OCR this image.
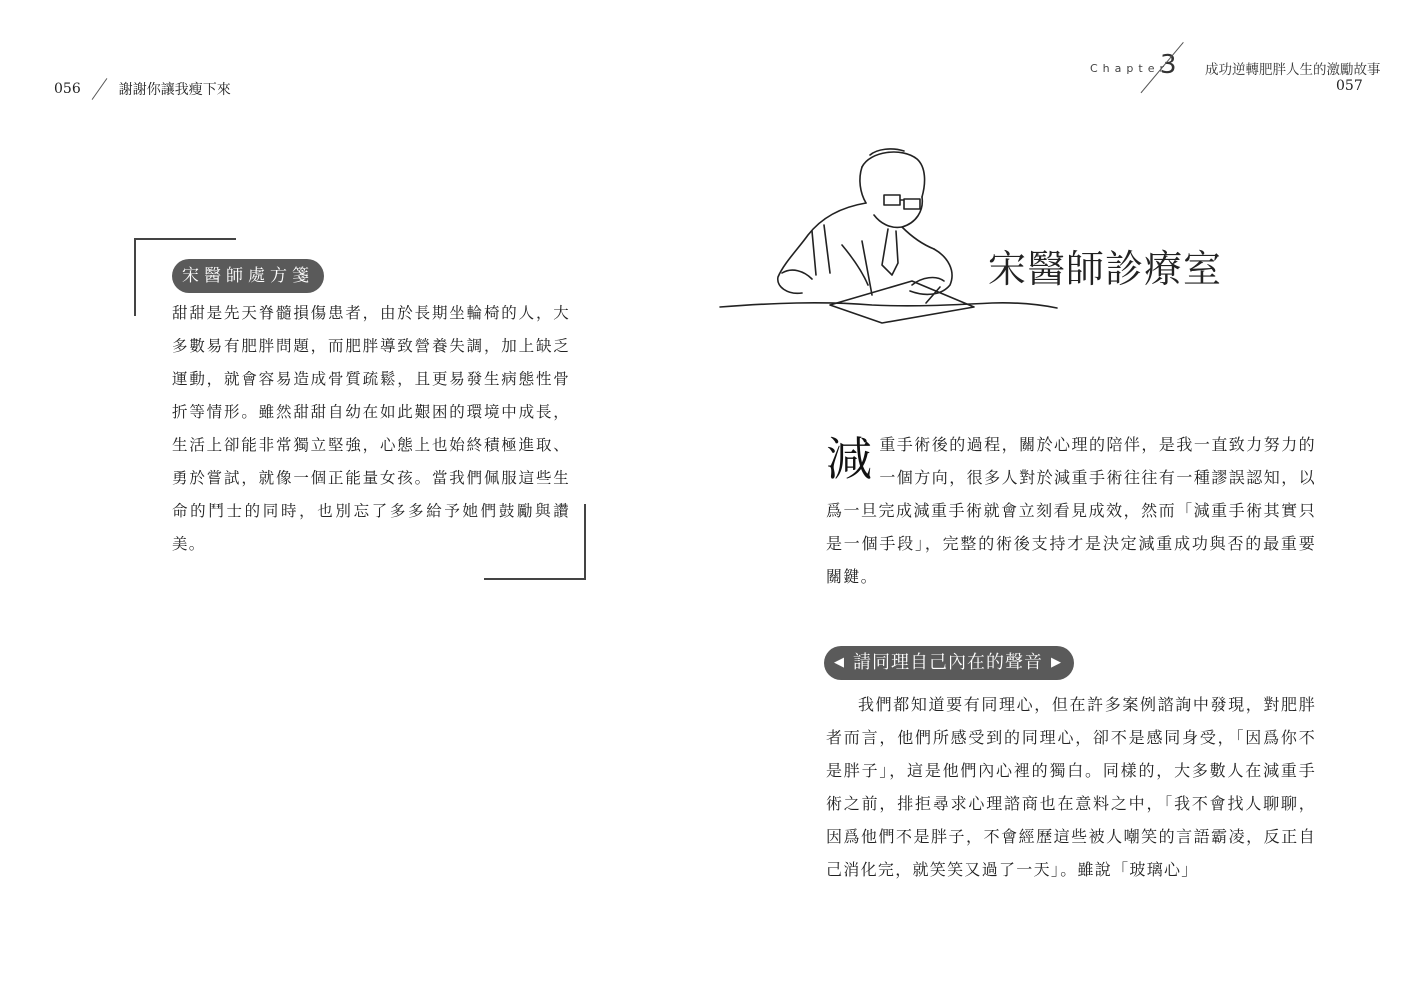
056	謝謝你讓我瘦下來
Chapter
3 成功逆轉肥胖人生的激勵故事
057
宋醫師處方箋

甜甜是先天脊髓損傷患者，由於長期坐輪椅的人，大多數易有肥胖問題，而肥胖導致營養失調，加上缺乏運動，就會容易造成骨質疏鬆，且更易發生病態性骨折等情形。雖然甜甜自幼在如此艱困的環境中成長，生活上卻能非常獨立堅強，心態上也始終積極進取、勇於嘗試，就像一個正能量女孩。當我們佩服這些生命的鬥士的同時，也別忘了多多給予她們鼓勵與讚美。

宋醫師診療室
減 重手術後的過程，關於心理的陪伴，是我一直致力努力的一個方向，很多人對於減重手術往往有一種謬誤認知，以爲一旦完成減重手術就會立刻看見成效，然而「減重手術其實只是一個手段」，完整的術後支持才是決定減重成功與否的最重要關鍵。

◀ 請同理自己內在的聲音 ▶

我們都知道要有同理心，但在許多案例諮詢中發現，對肥胖者而言，他們所感受到的同理心，卻不是感同身受，「因爲你不是胖子」，這是他們內心裡的獨白。同樣的，大多數人在減重手術之前，排拒尋求心理諮商也在意料之中，「我不會找人聊聊，因爲他們不是胖子，不會經歷這些被人嘲笑的言語霸凌，反正自己消化完，就笑笑又過了一天」。雖說「玻璃心」
